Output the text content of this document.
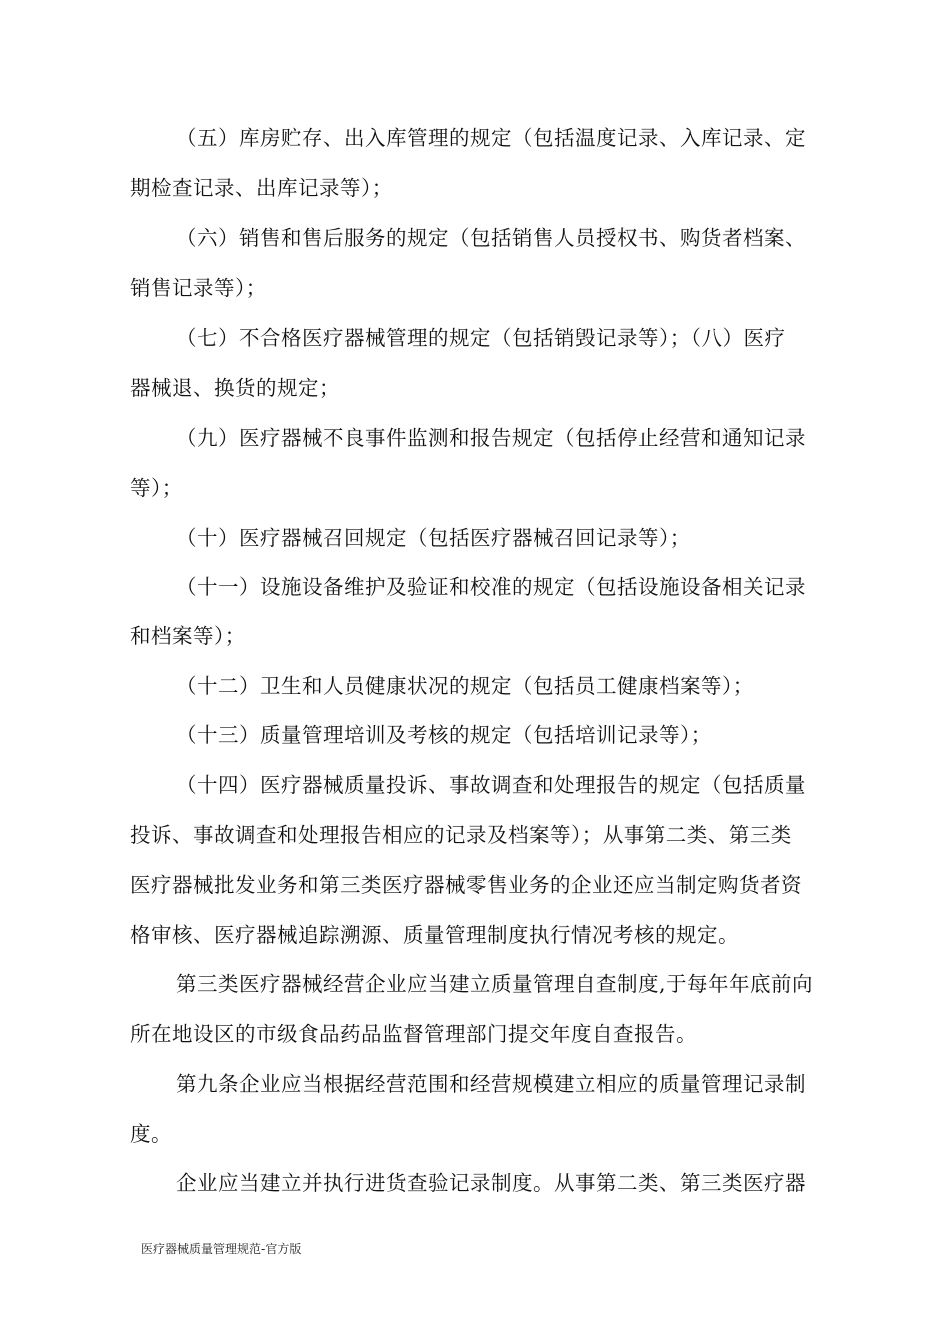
（五）库房贮存、出入库管理的规定（包括温度记录、入库记录、定
期检查记录、出库记录等）；
（六）销售和售后服务的规定（包括销售人员授权书、购货者档案、
销售记录等）；
（七）不合格医疗器械管理的规定（包括销毁记录等）；（八）医疗
器械退、换货的规定；
（九）医疗器械不良事件监测和报告规定（包括停止经营和通知记录
等）；
（十）医疗器械召回规定（包括医疗器械召回记录等）；
（十一）设施设备维护及验证和校准的规定（包括设施设备相关记录
和档案等）；
（十二）卫生和人员健康状况的规定（包括员工健康档案等）；
（十三）质量管理培训及考核的规定（包括培训记录等）；
（十四）医疗器械质量投诉、事故调查和处理报告的规定（包括质量
投诉、事故调查和处理报告相应的记录及档案等）；从事第二类、第三类
医疗器械批发业务和第三类医疗器械零售业务的企业还应当制定购货者资
格审核、医疗器械追踪溯源、质量管理制度执行情况考核的规定。
第三类医疗器械经营企业应当建立质量管理自查制度,于每年年底前向
所在地设区的市级食品药品监督管理部门提交年度自查报告。
第九条企业应当根据经营范围和经营规模建立相应的质量管理记录制
度。
企业应当建立并执行进货查验记录制度。从事第二类、第三类医疗器
医疗器械质量管理规范-官方版
